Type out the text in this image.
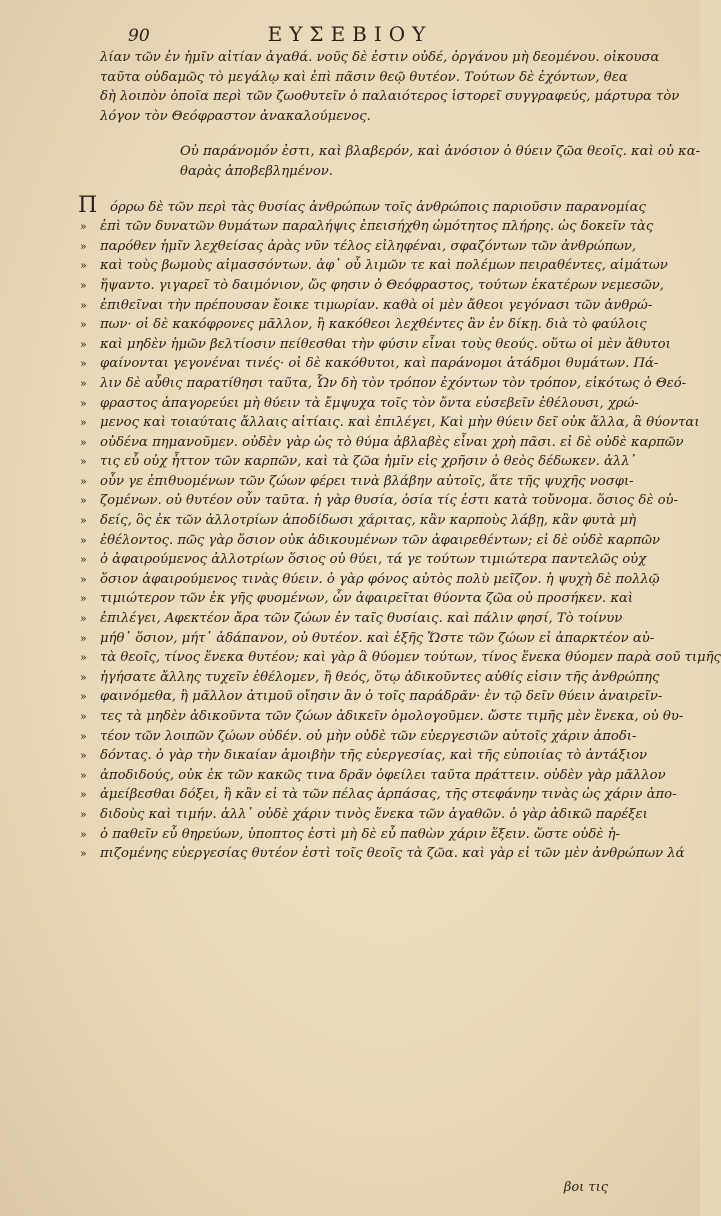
90	ΕΥΣΕΒΙΟΥ
λίαν τῶν ἐν ἡμῖν αἰτίαν ἀγαθά. νοῦς δὲ ἐστιν οὐδέ, ὀργάνου μὴ δεομένου. οἰκουσα
ταῦτα οὐδαμῶς τὸ μεγάλῳ καὶ ἐπὶ πᾶσιν θεῷ θυτέον. Τούτων δὲ ἐχόντων, θεα
δὴ λοιπὸν ὁποῖα περὶ τῶν ζωοθυτεῖν ὁ παλαιότερος ἱστορεῖ συγγραφεύς, μάρτυρα τὸν
λόγον τὸν Θεόφραστον ἀνακαλούμενος.
Οὐ παράνομόν ἐστι, καὶ βλαβερόν, καὶ ἀνόσιον ὁ θύειν ζῶα θεοῖς. καὶ οὐ κα-
θαρὰς ἀποβεβλημένον.
Π όρρω δὲ τῶν περὶ τὰς θυσίας ἀνθρώπων τοῖς ἀνθρώποις παριοῦσιν παρανομίας
»	ἐπὶ τῶν δυνατῶν θυμάτων παραλήψις ἐπεισήχθη ὠμότητος πλήρης. ὡς δοκεῖν τὰς
»	παρόθεν ἡμῖν λεχθείσας ἀρὰς νῦν τέλος εἰληφέναι, σφαζόντων τῶν ἀνθρώπων,
»	καὶ τοὺς βωμοὺς αἱμασσόντων. ἀφ᾽ οὗ λιμῶν τε καὶ πολέμων πειραθέντες, αἱμάτων
»	ἥψαντο. γιγαρεῖ τὸ δαιμόνιον, ὥς φησιν ὁ Θεόφραστος, τούτων ἑκατέρων νεμεσῶν,
»	ἐπιθεῖναι τὴν πρέπουσαν ἔοικε τιμωρίαν. καθὰ οἱ μὲν ἄθεοι γεγόνασι τῶν ἀνθρώ-
»	πων· οἱ δὲ κακόφρονες μᾶλλον, ἢ κακόθεοι λεχθέντες ἂν ἐν δίκῃ. διὰ τὸ φαύλοις
»	καὶ μηδὲν ἡμῶν βελτίοσιν πείθεσθαι τὴν φύσιν εἶναι τοὺς θεούς. οὕτω οἱ μὲν ἄθυτοι
»	φαίνονται γεγονέναι τινές· οἱ δὲ κακόθυτοι, καὶ παράνομοι ἀτάδμοι θυμάτων. Πά-
»	λιν δὲ αὖθις παρατίθησι ταῦτα, Ὧν δὴ τὸν τρόπον ἐχόντων τὸν τρόπον, εἰκότως ὁ Θεό-
»	φραστος ἀπαγορεύει μὴ θύειν τὰ ἔμψυχα τοῖς τὸν ὄντα εὐσεβεῖν ἐθέλουσι, χρώ-
»	μενος καὶ τοιαύταις ἄλλαις αἰτίαις. καὶ ἐπιλέγει, Καὶ μὴν θύειν δεῖ οὐκ ἄλλα, ἃ θύονται
»	οὐδένα πημανοῦμεν. οὐδὲν γὰρ ὡς τὸ θύμα ἀβλαβὲς εἶναι χρὴ πᾶσι. εἰ δὲ οὐδὲ καρπῶν
»	τις εὖ οὐχ ἧττον τῶν καρπῶν, καὶ τὰ ζῶα ἡμῖν εἰς χρῆσιν ὁ θεὸς δέδωκεν. ἀλλ᾽
»	οὖν γε ἐπιθυομένων τῶν ζώων φέρει τινὰ βλάβην αὐτοῖς, ἅτε τῆς ψυχῆς νοσφι-
»	ζομένων. οὐ θυτέον οὖν ταῦτα. ἡ γὰρ θυσία, ὁσία τίς ἐστι κατὰ τοὔνομα. ὅσιος δὲ οὐ-
»	δείς, ὃς ἐκ τῶν ἀλλοτρίων ἀποδίδωσι χάριτας, κἂν καρποὺς λάβῃ, κἂν φυτὰ μὴ
»	ἐθέλοντος. πῶς γὰρ ὅσιον οὐκ ἀδικουμένων τῶν ἀφαιρεθέντων; εἰ δὲ οὐδὲ καρπῶν
»	ὁ ἀφαιρούμενος ἀλλοτρίων ὅσιος οὐ θύει, τά γε τούτων τιμιώτερα παντελῶς οὐχ
»	ὅσιον ἀφαιρούμενος τινὰς θύειν. ὁ γὰρ φόνος αὐτὸς πολὺ μεῖζον. ἡ ψυχὴ δὲ πολλῷ
»	τιμιώτερον τῶν ἐκ γῆς φυομένων, ὧν ἀφαιρεῖται θύοντα ζῶα οὐ προσήκεν. καὶ
»	ἐπιλέγει, Αφεκτέον ἄρα τῶν ζώων ἐν ταῖς θυσίαις. καὶ πάλιν φησί, Τὸ τοίνυν
»	μήθ᾽ ὅσιον, μήτ᾽ ἀδάπανον, οὐ θυτέον. καὶ ἑξῆς Ὥστε τῶν ζώων εἰ ἀπαρκτέον αὐ-
»	τὰ θεοῖς, τίνος ἕνεκα θυτέον; καὶ γὰρ ἃ θύομεν τούτων, τίνος ἕνεκα θύομεν παρὰ σοῦ τιμῆς
»	ἡγήσατε ἄλλης τυχεῖν ἐθέλομεν, ἢ θεός, ὅτῳ ἀδικοῦντες αὐθίς εἰσιν τῆς ἀνθρώπης
»	φαινόμεθα, ἢ μᾶλλον ἀτιμοῦ οἴησιν ἂν ὁ τοῖς παράδρᾶν· ἐν τῷ δεῖν θύειν ἀναιρεῖν-
»	τες τὰ μηδὲν ἀδικοῦντα τῶν ζώων ἀδικεῖν ὁμολογοῦμεν. ὥστε τιμῆς μὲν ἕνεκα, οὐ θυ-
»	τέον τῶν λοιπῶν ζώων οὐδέν. οὐ μὴν οὐδὲ τῶν εὐεργεσιῶν αὐτοῖς χάριν ἀποδι-
»	δόντας. ὁ γὰρ τὴν δικαίαν ἀμοιβὴν τῆς εὐεργεσίας, καὶ τῆς εὐποιίας τὸ ἀντάξιον
»	ἀποδιδούς, οὐκ ἐκ τῶν κακῶς τινα δρᾶν ὀφείλει ταῦτα πράττειν. οὐδὲν γὰρ μᾶλλον
»	ἀμείβεσθαι δόξει, ἢ κἂν εἰ τὰ τῶν πέλας ἁρπάσας, τῆς στεφάνην τινὰς ὡς χάριν ἀπο-
»	διδοὺς καὶ τιμήν. ἀλλ᾽ οὐδὲ χάριν τινὸς ἕνεκα τῶν ἀγαθῶν. ὁ γὰρ ἀδικῶ παρέξει
»	ὁ παθεῖν εὖ θηρεύων, ὑποπτος ἐστὶ μὴ δὲ εὖ παθὼν χάριν ἕξειν. ὥστε οὐδὲ ἡ-
»	πιζομένης εὐεργεσίας θυτέον ἐστὶ τοῖς θεοῖς τὰ ζῶα. καὶ γὰρ εἰ τῶν μὲν ἀνθρώπων λά
βοι τις
